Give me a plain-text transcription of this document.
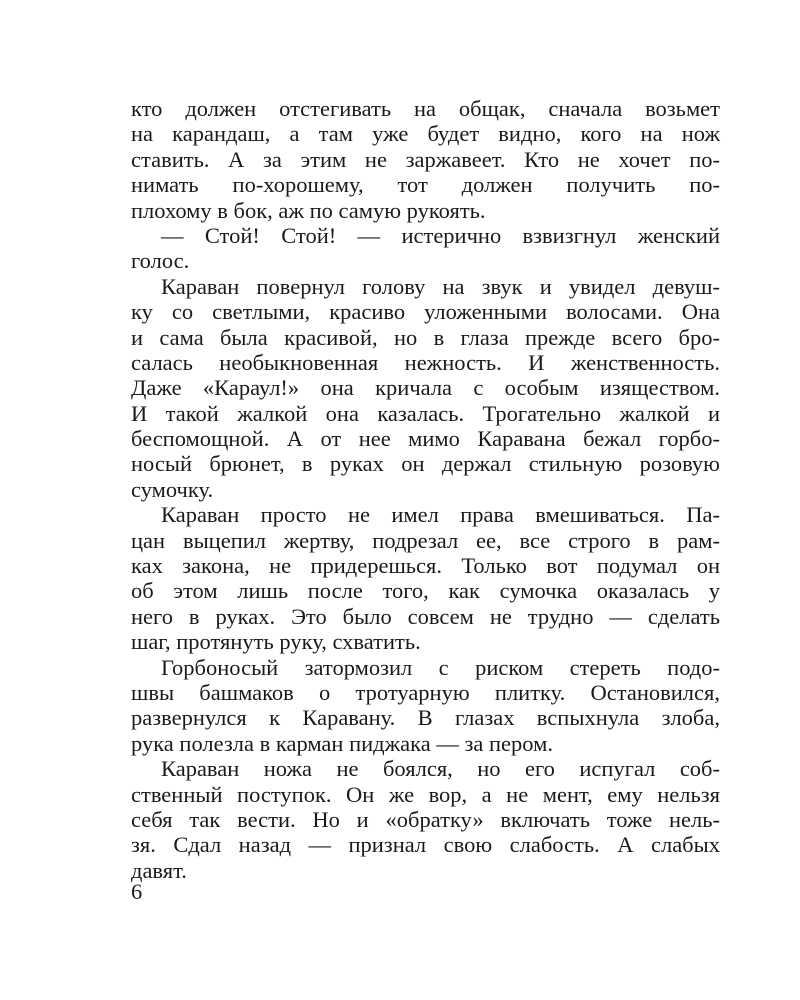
кто должен отстегивать на общак, сначала возьмет
на карандаш, а там уже будет видно, кого на нож
ставить. А за этим не заржавеет. Кто не хочет по-
нимать по-хорошему, тот должен получить по-
плохому в бок, аж по самую рукоять.
— Стой! Стой! — истерично взвизгнул женский
голос.
Караван повернул голову на звук и увидел девуш-
ку со светлыми, красиво уложенными волосами. Она
и сама была красивой, но в глаза прежде всего бро-
салась необыкновенная нежность. И женственность.
Даже «Караул!» она кричала с особым изяществом.
И такой жалкой она казалась. Трогательно жалкой и
беспомощной. А от нее мимо Каравана бежал горбо-
носый брюнет, в руках он держал стильную розовую
сумочку.
Караван просто не имел права вмешиваться. Па-
цан выцепил жертву, подрезал ее, все строго в рам-
ках закона, не придерешься. Только вот подумал он
об этом лишь после того, как сумочка оказалась у
него в руках. Это было совсем не трудно — сделать
шаг, протянуть руку, схватить.
Горбоносый затормозил с риском стереть подо-
швы башмаков о тротуарную плитку. Остановился,
развернулся к Каравану. В глазах вспыхнула злоба,
рука полезла в карман пиджака — за пером.
Караван ножа не боялся, но его испугал соб-
ственный поступок. Он же вор, а не мент, ему нельзя
себя так вести. Но и «обратку» включать тоже нель-
зя. Сдал назад — признал свою слабость. А слабых
давят.
6
